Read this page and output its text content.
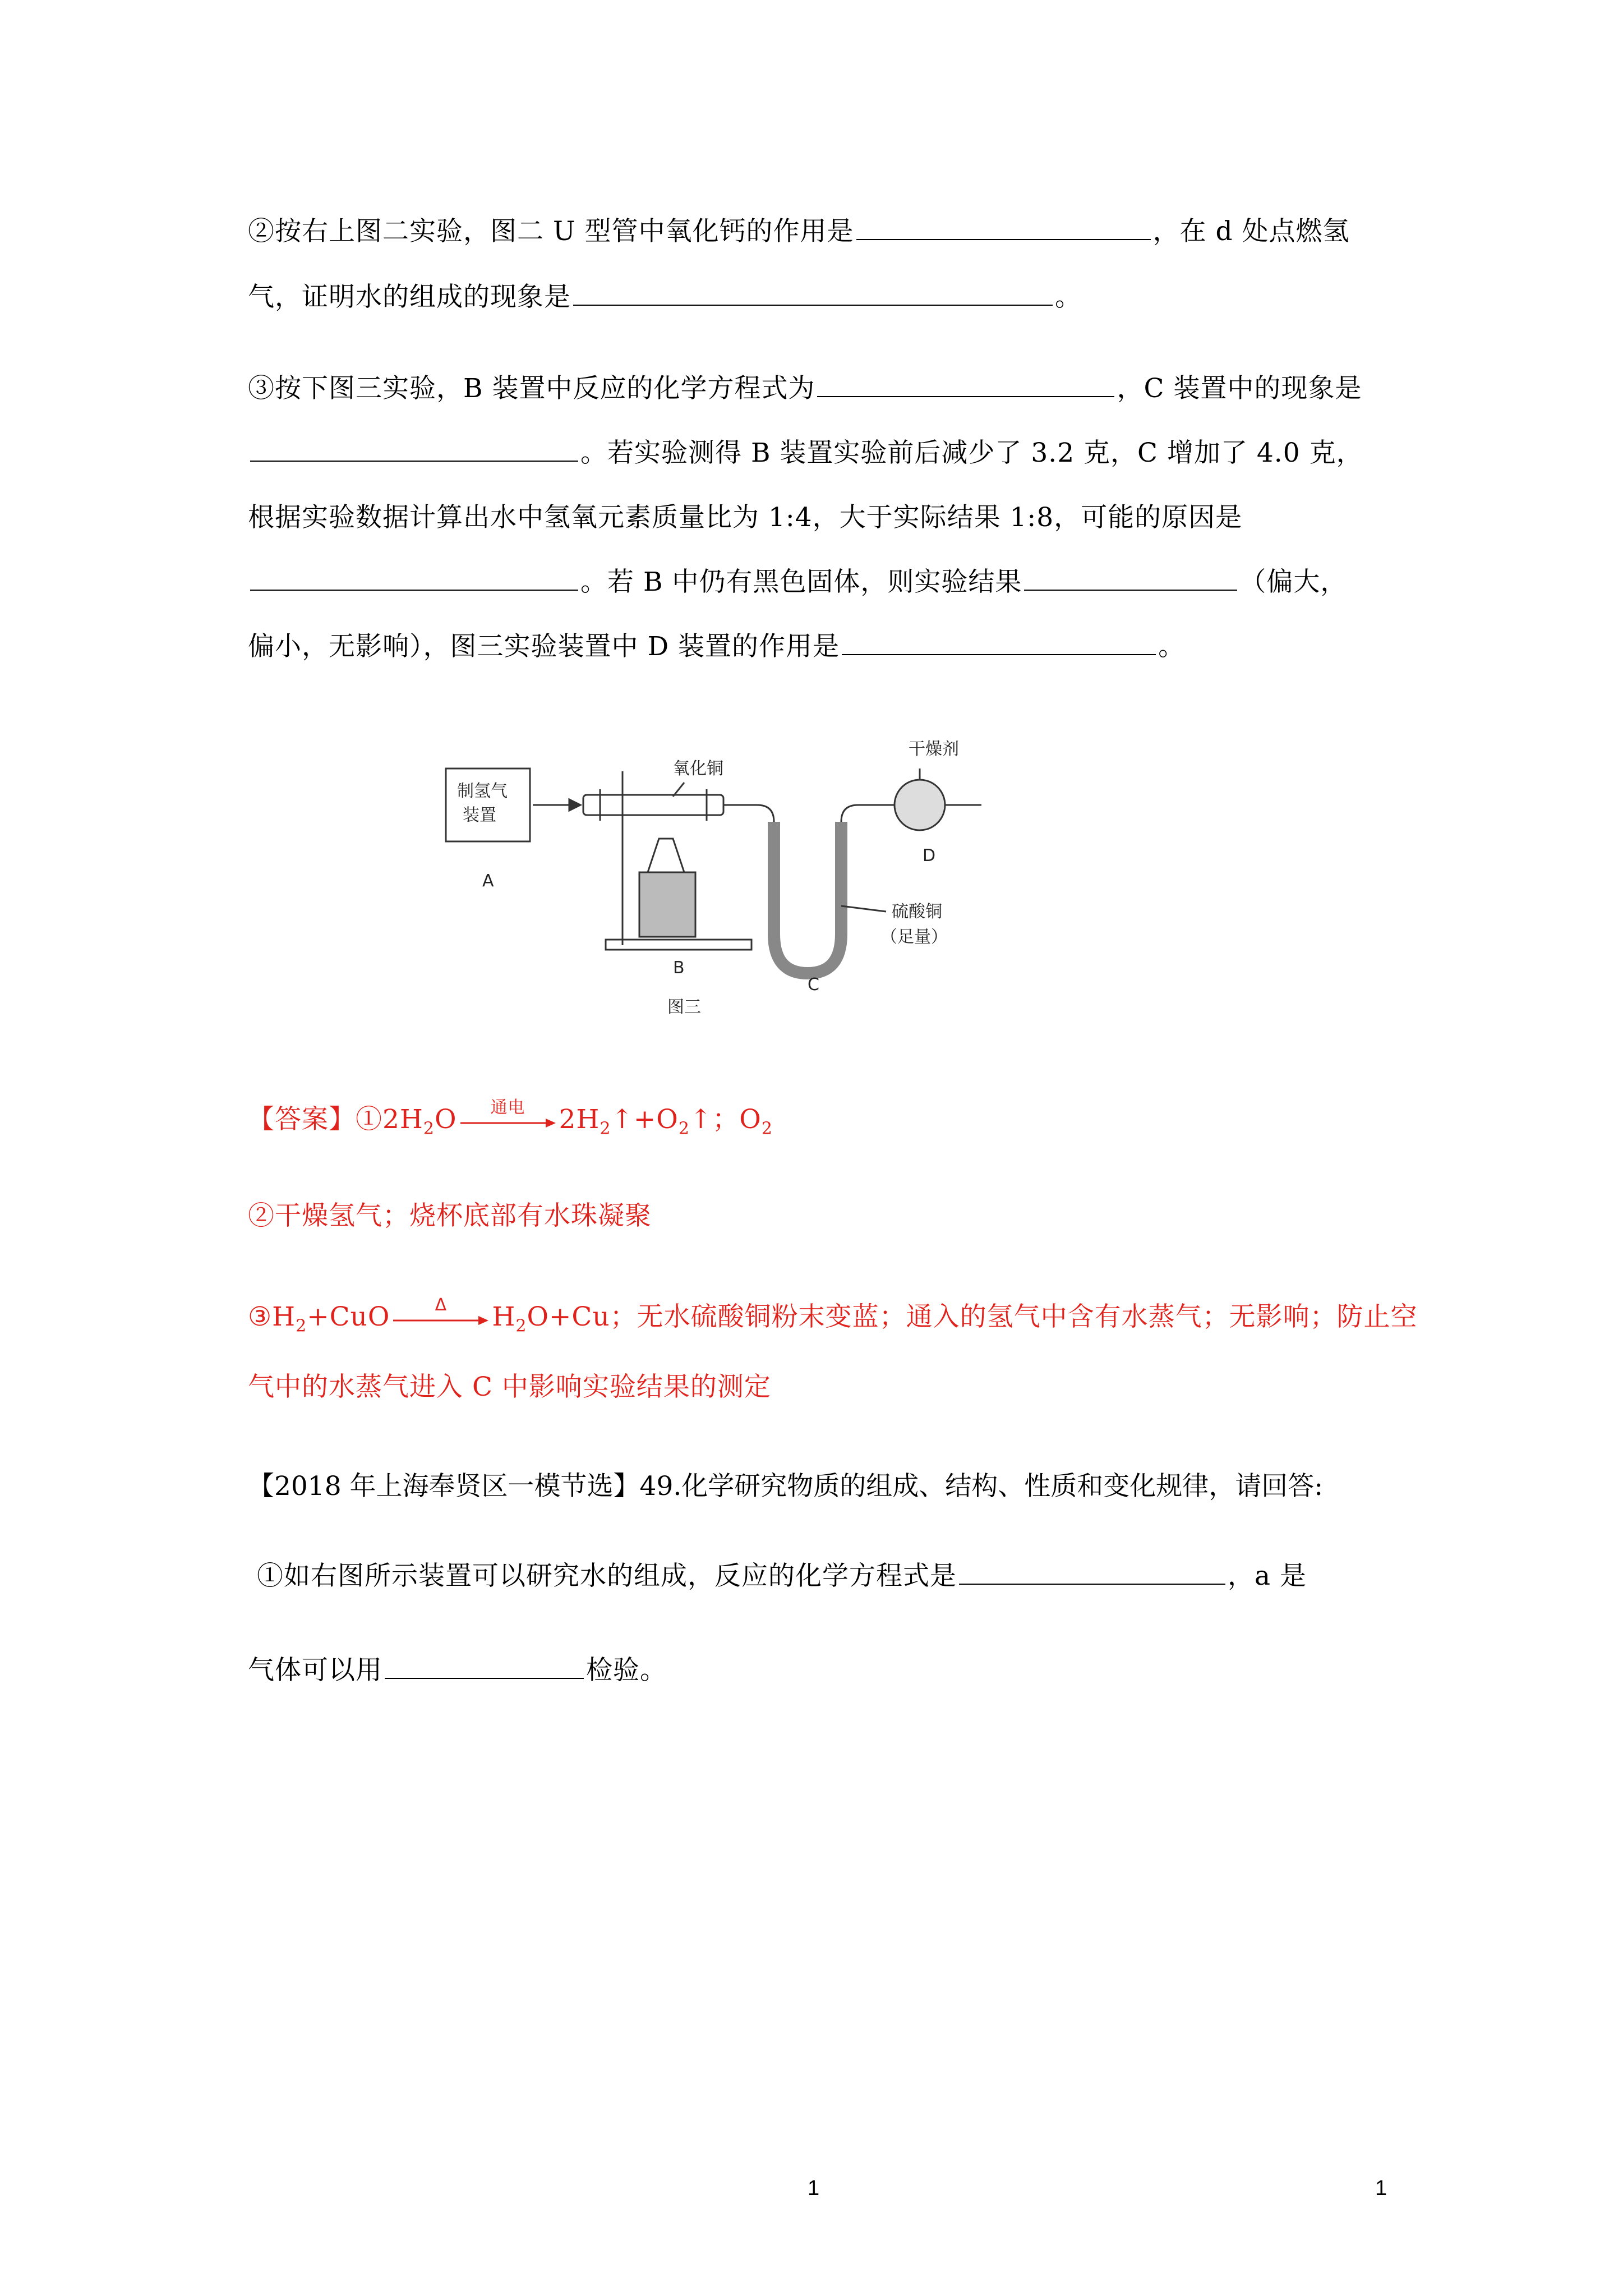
②按右上图二实验，图二 U 型管中氧化钙的作用是	，在 d 处点燃氢
气，证明水的组成的现象是	。
③按下图三实验，B 装置中反应的化学方程式为	，C 装置中的现象是
。若实验测得 B 装置实验前后减少了 3.2 克，C 增加了 4.0 克，
根据实验数据计算出水中氢氧元素质量比为 1:4，大于实际结果 1:8，可能的原因是
。若 B 中仍有黑色固体，则实验结果	（偏大，
偏小，无影响），图三实验装置中 D 装置的作用是	。
制氢气
装置
A
B
C
D
氧化铜
干燥剂
硫酸铜
（足量）
图三
【答案】$①2H_2O$	通电	$2H_2↑+O_2↑$；$O_2$
②干燥氢气；烧杯底部有水珠凝聚
$③H_2+CuO$	Δ	$H_2O+Cu$；无水硫酸铜粉末变蓝；通入的氢气中含有水蒸气；无影响；防止空
气中的水蒸气进入 C 中影响实验结果的测定
【2018 年上海奉贤区一模节选】49.化学研究物质的组成、结构、性质和变化规律，请回答:
①如右图所示装置可以研究水的组成，反应的化学方程式是	，a 是
气体可以用	检验。
1	1
